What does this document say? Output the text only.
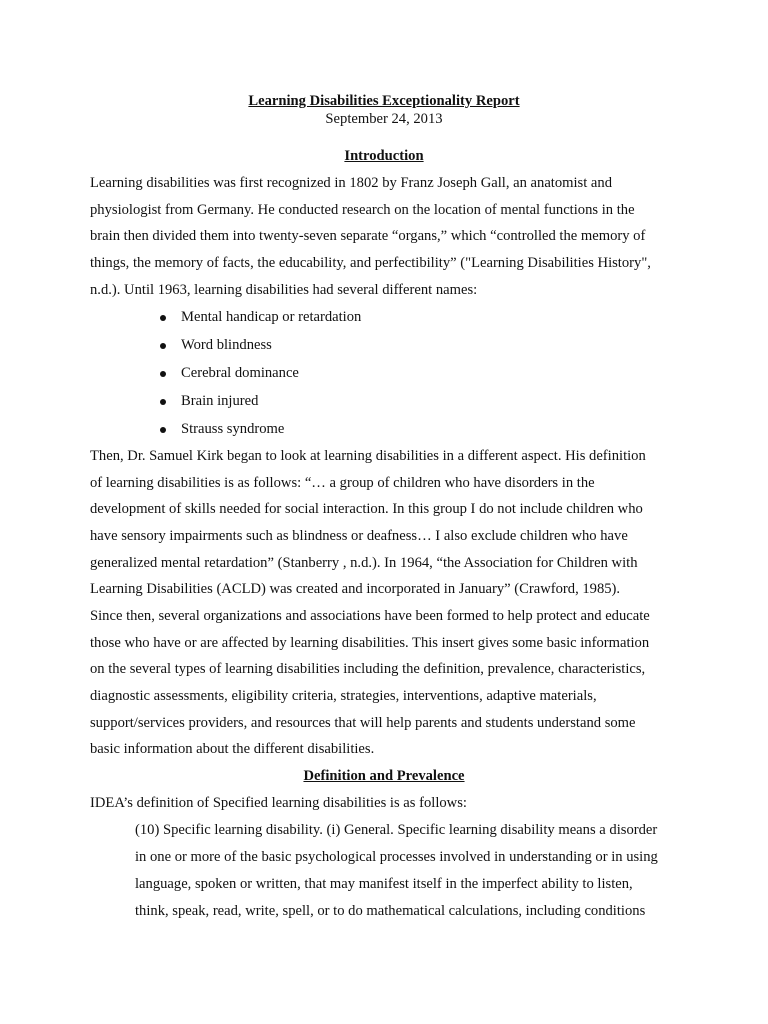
Learning Disabilities Exceptionality Report
September 24, 2013
Introduction
Learning disabilities was first recognized in 1802 by Franz Joseph Gall, an anatomist and
physiologist from Germany. He conducted research on the location of mental functions in the
brain then divided them into twenty-seven separate “organs,” which “controlled the memory of
things, the memory of facts, the educability, and perfectibility” ("Learning Disabilities History",
n.d.). Until 1963, learning disabilities had several different names:
Mental handicap or retardation
Word blindness
Cerebral dominance
Brain injured
Strauss syndrome
Then, Dr. Samuel Kirk began to look at learning disabilities in a different aspect. His definition
of learning disabilities is as follows: “… a group of children who have disorders in the
development of skills needed for social interaction. In this group I do not include children who
have sensory impairments such as blindness or deafness… I also exclude children who have
generalized mental retardation” (Stanberry , n.d.). In 1964, “the Association for Children with
Learning Disabilities (ACLD) was created and incorporated in January” (Crawford, 1985).
Since then, several organizations and associations have been formed to help protect and educate
those who have or are affected by learning disabilities. This insert gives some basic information
on the several types of learning disabilities including the definition, prevalence, characteristics,
diagnostic assessments, eligibility criteria, strategies, interventions, adaptive materials,
support/services providers, and resources that will help parents and students understand some
basic information about the different disabilities.
Definition and Prevalence
IDEA’s definition of Specified learning disabilities is as follows:
(10) Specific learning disability. (i) General. Specific learning disability means a disorder
in one or more of the basic psychological processes involved in understanding or in using
language, spoken or written, that may manifest itself in the imperfect ability to listen,
think, speak, read, write, spell, or to do mathematical calculations, including conditions
